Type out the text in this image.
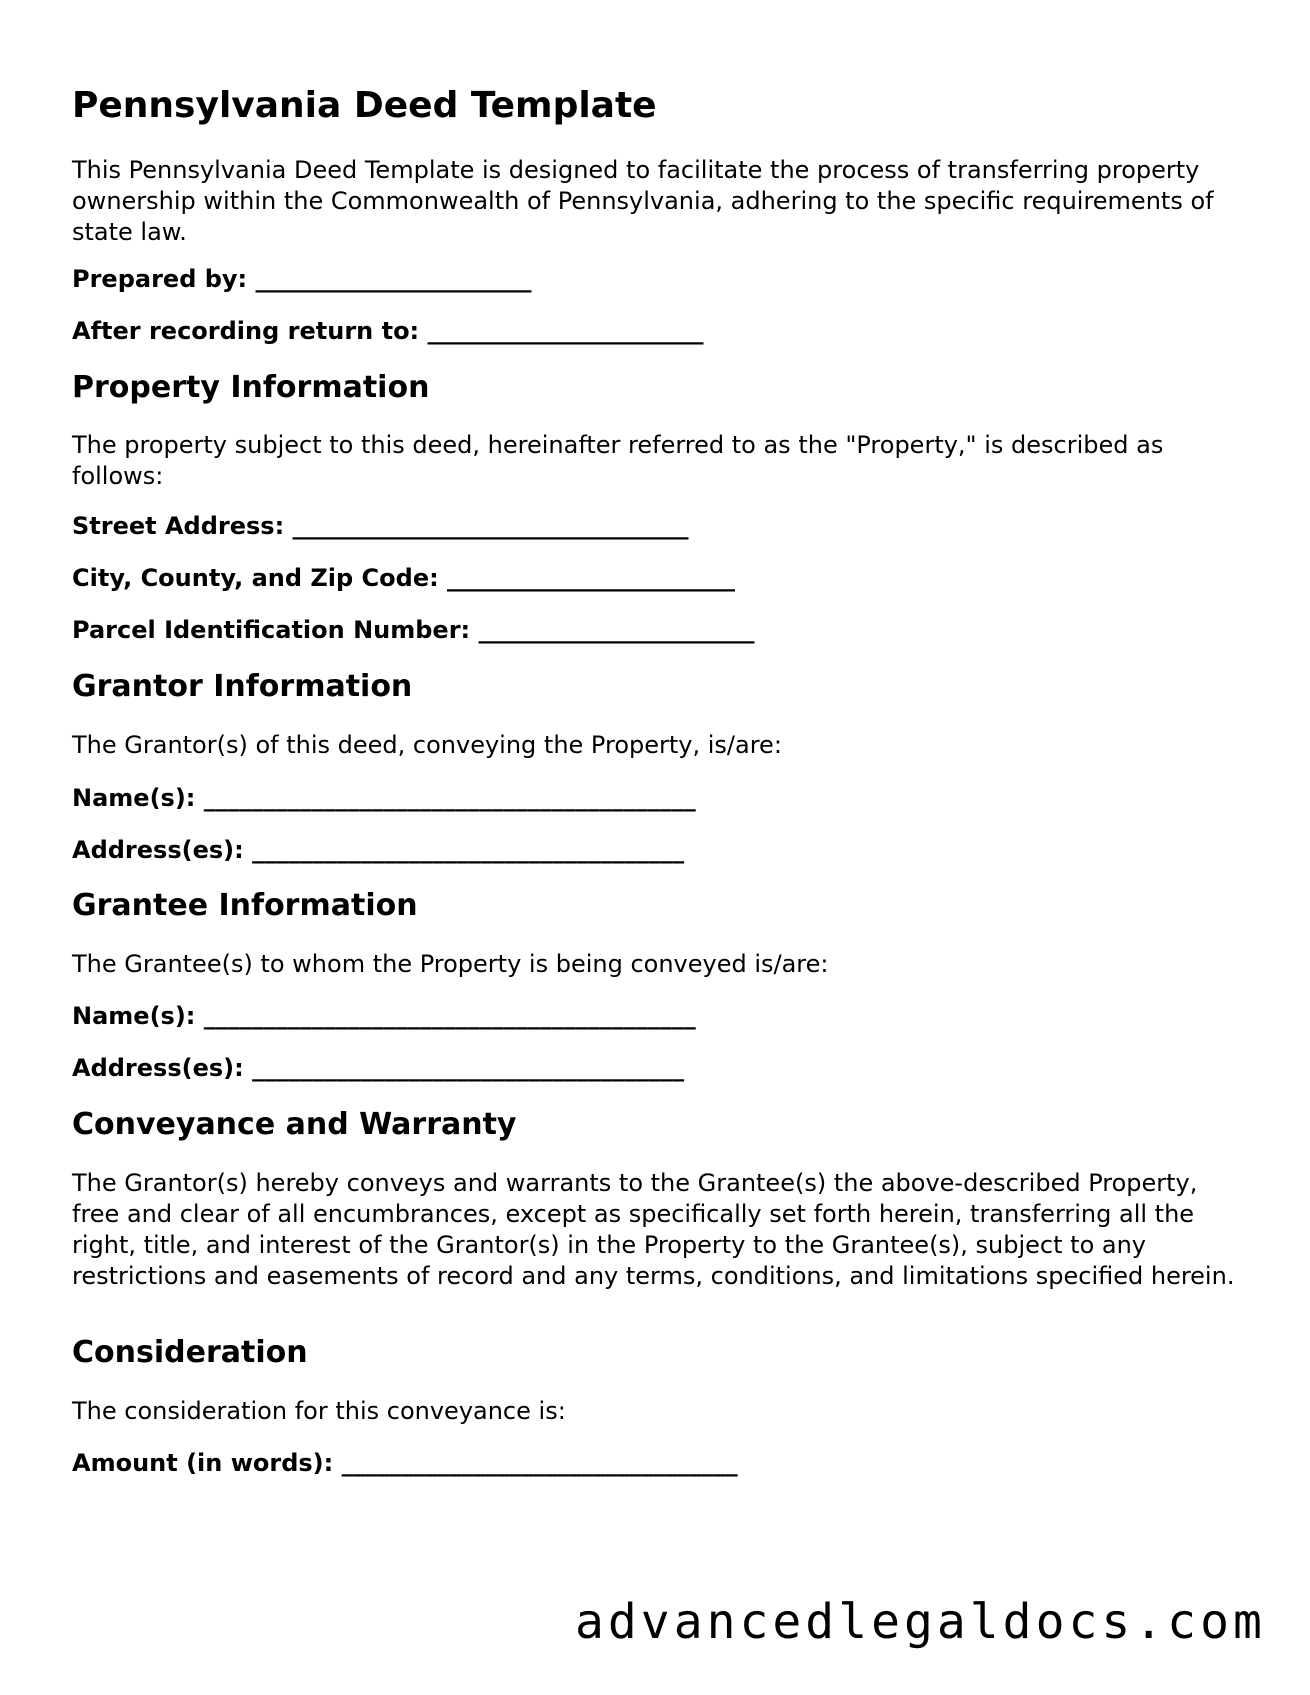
Pennsylvania Deed Template

This Pennsylvania Deed Template is designed to facilitate the process of transferring property ownership within the Commonwealth of Pennsylvania, adhering to the specific requirements of state law.

Prepared by: _______________________

After recording return to: _______________________

Property Information

The property subject to this deed, hereinafter referred to as the "Property," is described as follows:

Street Address: _________________________________

City, County, and Zip Code: ________________________

Parcel Identification Number: _______________________

Grantor Information

The Grantor(s) of this deed, conveying the Property, is/are:

Name(s): _________________________________________

Address(es): ____________________________________

Grantee Information

The Grantee(s) to whom the Property is being conveyed is/are:

Name(s): _________________________________________

Address(es): ____________________________________

Conveyance and Warranty

The Grantor(s) hereby conveys and warrants to the Grantee(s) the above-described Property, free and clear of all encumbrances, except as specifically set forth herein, transferring all the right, title, and interest of the Grantor(s) in the Property to the Grantee(s), subject to any restrictions and easements of record and any terms, conditions, and limitations specified herein.

Consideration

The consideration for this conveyance is:

Amount (in words): _________________________________

advancedlegaldocs.com
